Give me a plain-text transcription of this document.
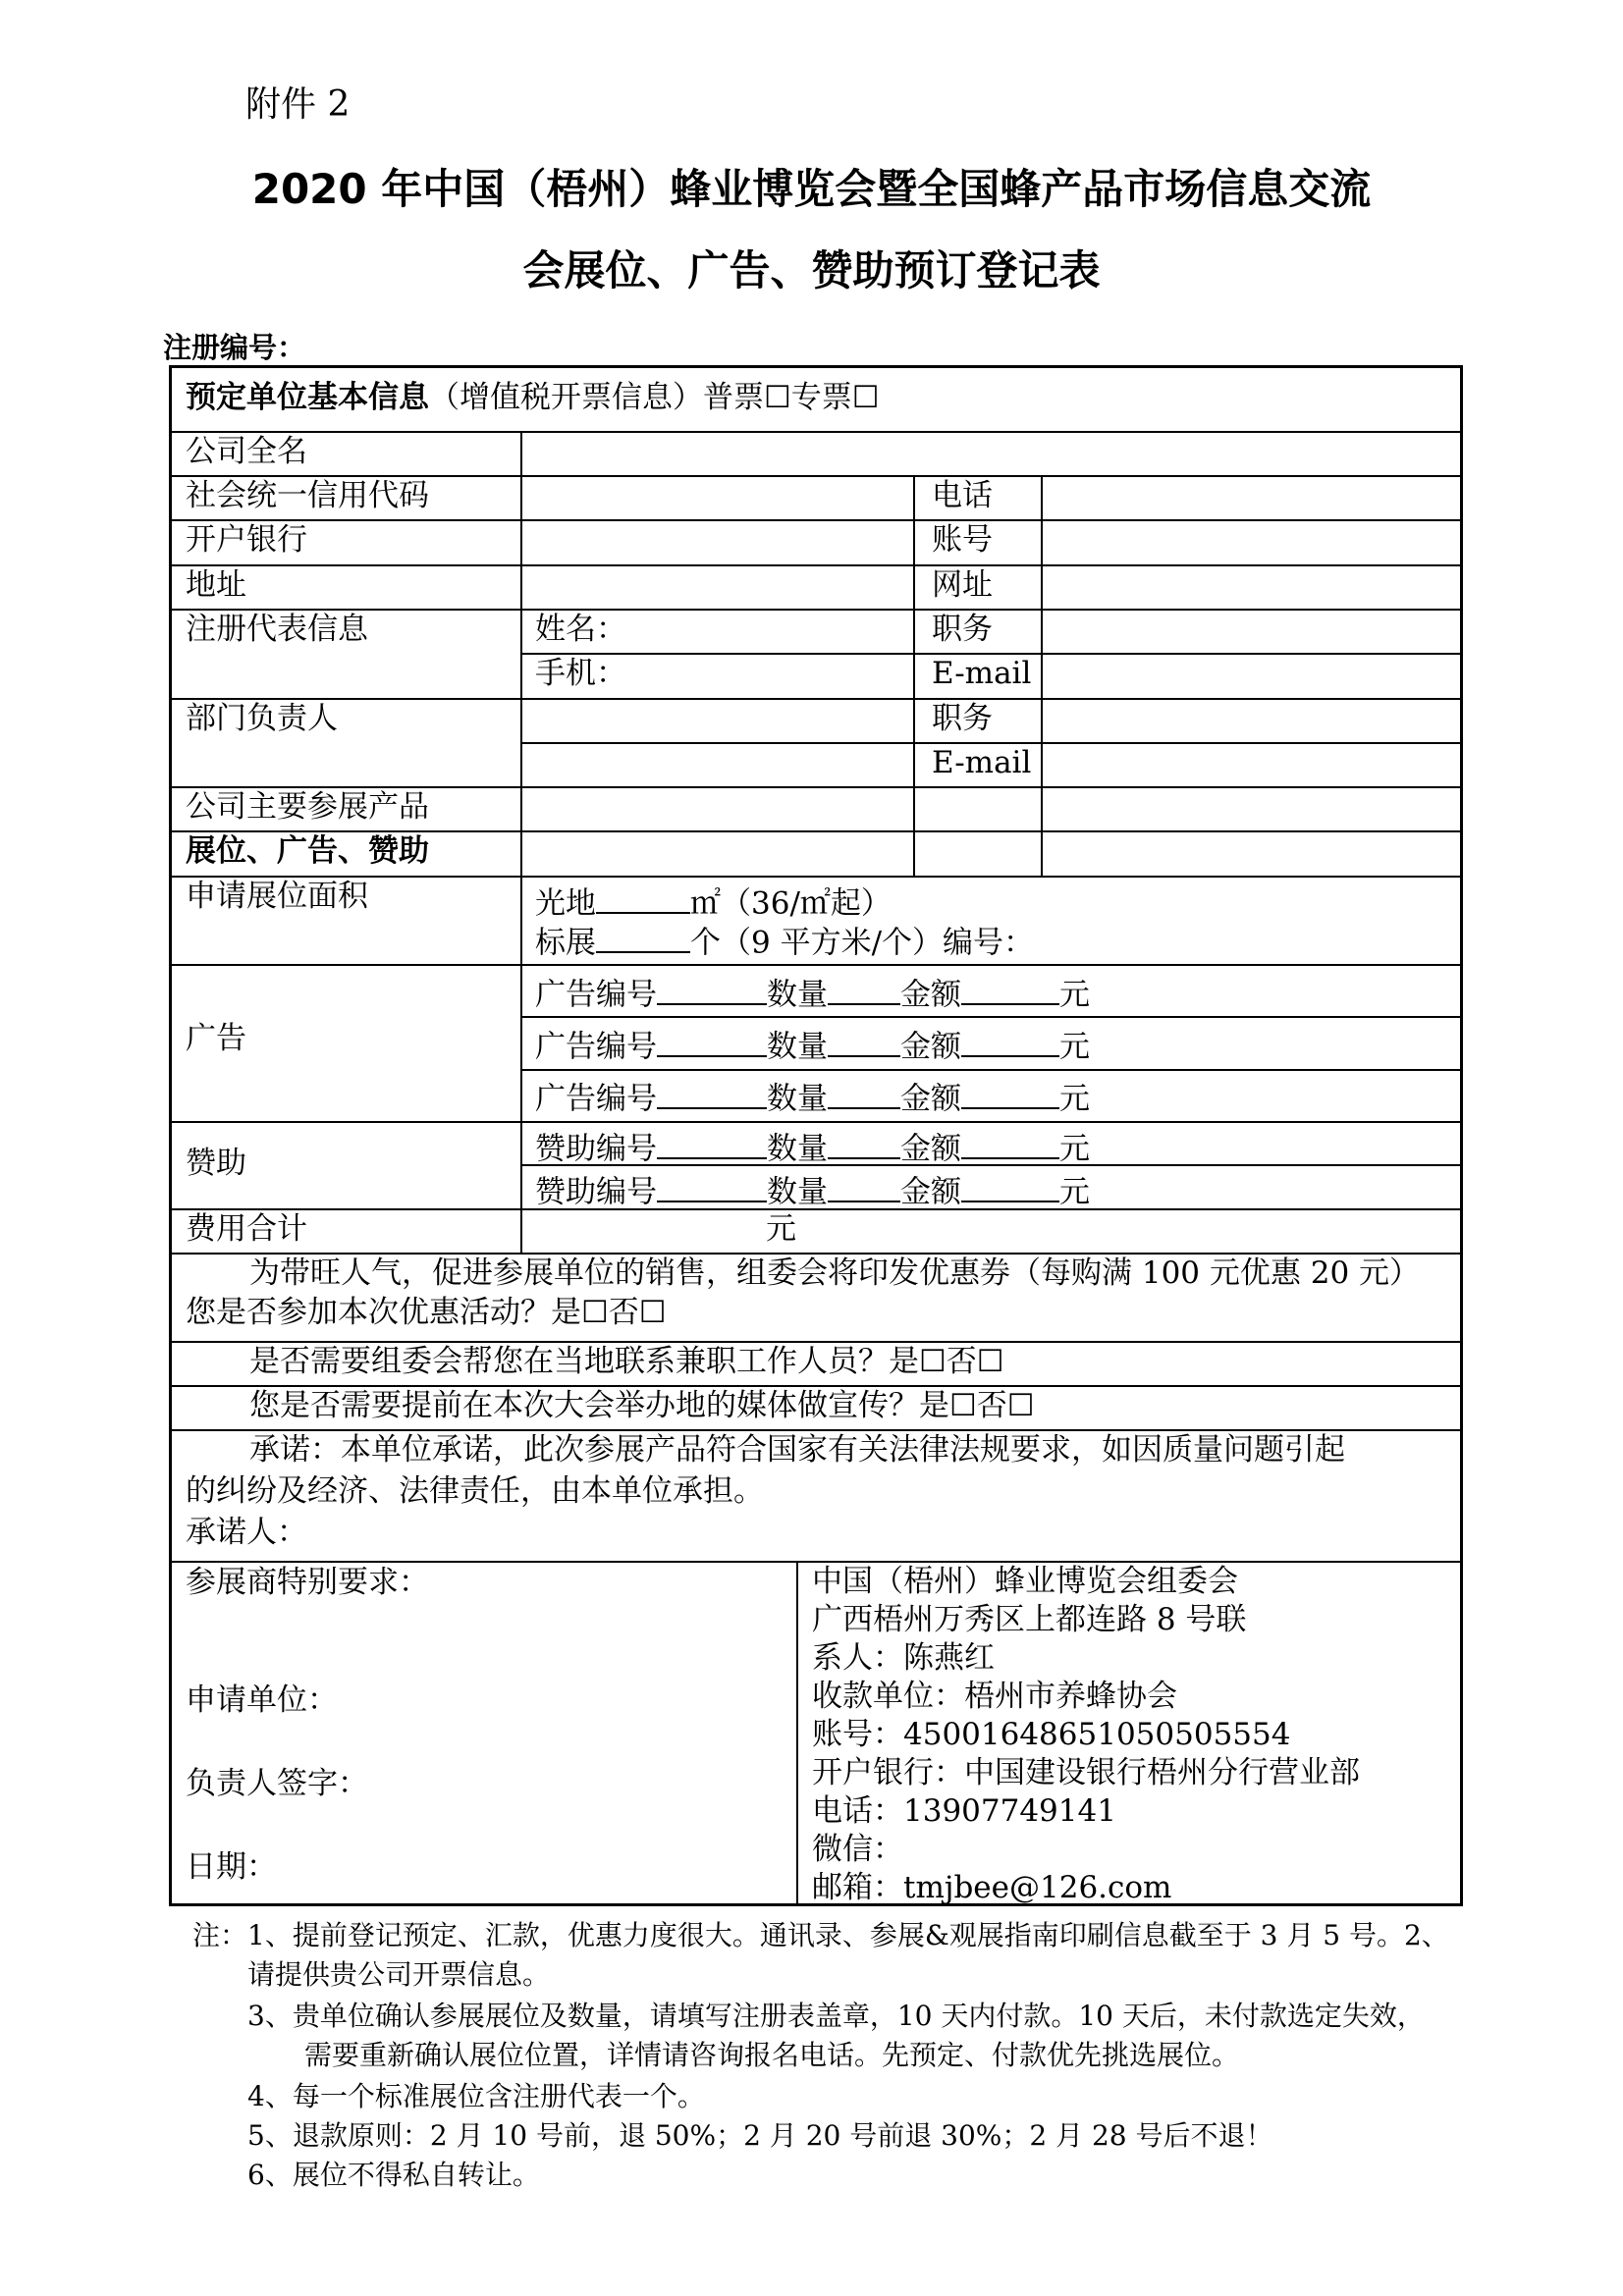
附件 2
2020 年中国（梧州）蜂业博览会暨全国蜂产品市场信息交流
会展位、广告、赞助预订登记表
注册编号：
预定单位基本信息（增值税开票信息）普票☐专票☐
公司全名
社会统一信用代码	电话
开户银行	账号
地址	网址
注册代表信息	姓名：	职务
手机：	E-mail
部门负责人	职务
E-mail
公司主要参展产品
展位、广告、赞助
申请展位面积	光地	㎡（36/㎡起）
标展	个（9 平方米/个）编号：
广告
广告编号	数量 金额	元
广告编号	数量 金额	元
广告编号	数量 金额	元
赞助	赞助编号	数量 金额	元
赞助编号	数量 金额	元
费用合计	元
为带旺人气，促进参展单位的销售，组委会将印发优惠券（每购满 100 元优惠 20 元）
您是否参加本次优惠活动？是☐否☐
是否需要组委会帮您在当地联系兼职工作人员？是☐否☐
您是否需要提前在本次大会举办地的媒体做宣传？是☐否☐
承诺：本单位承诺，此次参展产品符合国家有关法律法规要求，如因质量问题引起
的纠纷及经济、法律责任，由本单位承担。
承诺人：
参展商特别要求：
申请单位：
负责人签字：
日期：
中国（梧州）蜂业博览会组委会
广西梧州万秀区上都连路 8 号联
系人：陈燕红
收款单位：梧州市养蜂协会
账号：45001648651050505554
开户银行：中国建设银行梧州分行营业部
电话：13907749141
微信：
邮箱：tmjbee@126.com
注：1、提前登记预定、汇款，优惠力度很大。通讯录、参展&观展指南印刷信息截至于 3 月 5 号。2、
请提供贵公司开票信息。
3、贵单位确认参展展位及数量，请填写注册表盖章，10 天内付款。10 天后，未付款选定失效，
需要重新确认展位位置，详情请咨询报名电话。先预定、付款优先挑选展位。
4、每一个标准展位含注册代表一个。
5、退款原则：2 月 10 号前，退 50%；2 月 20 号前退 30%；2 月 28 号后不退！
6、展位不得私自转让。
